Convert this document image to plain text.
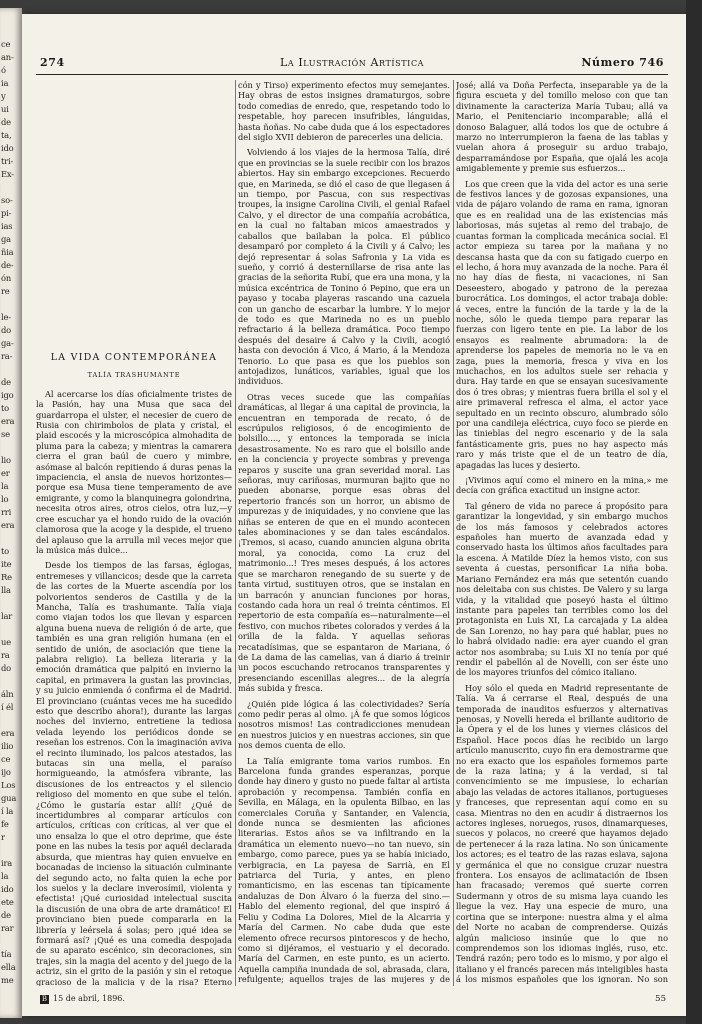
ce
an-
ó
ia
y
ui
de
ta,
ido
tri-
Ex-
so-
pi-
ias
ga
ñia
de-
ón
re
le-
do
ga-
ra-
de
igo
to
era
se
lio
er
la
lo
rri
era
to
ite
Re
lla
lar
ue
ra
do
áln
í él
era
ilio
ce
ijo
Los
gua
í la
fe
r
ira
la
ido
ete
de
rar
tía
ella
me
274	La Ilustración Artística	Número 746
LA VIDA CONTEMPORÁNEA
TALÍA TRASHUMANTE

Al acercarse los días oficialmente tristes de la Pasión, hay una Musa que saca del guardarropa el ulster, el necesier de cuero de Rusia con chirimbolos de plata y cristal, el plaid escocés y la microscópica almohadita de pluma para la cabeza; y mientras la camarera cierra el gran baúl de cuero y mimbre, asómase al balcón repitiendo á duras penas la impaciencia, el ansia de nuevos horizontes—porque esa Musa tiene temperamento de ave emigrante, y como la blanquinegra golondrina, necesita otros aires, otros cielos, otra luz,—y cree escuchar ya el hondo ruido de la ovación clamorosa que la acoge y la despide, el trueno del aplauso que la arrulla mil veces mejor que la música más dulce...

Desde los tiempos de las farsas, églogas, entremeses y villancicos; desde que la carreta de las cortes de la Muerte ascendía por los polvorientos senderos de Castilla y de la Mancha, Talía es trashumante. Talía viaja como viajan todos los que llevan y esparcen alguna buena nueva de religión ó de arte, que también es una gran religión humana (en el sentido de unión, de asociación que tiene la palabra religio). La belleza literaria y la emoción dramática que palpitó en invierno la capital, en primavera la gustan las provincias, y su juicio enmienda ó confirma el de Madrid. El provinciano (cuántas veces me ha sucedido esto que describo ahora!), durante las largas noches del invierno, entretiene la tediosa velada leyendo los periódicos donde se reseñan los estrenos. Con la imaginación aviva el recinto iluminado, los palcos atestados, las butacas sin una mella, el paraíso hormigueando, la atmósfera vibrante, las discusiones de los entreactos y el silencio religioso del momento en que sube el telón. ¿Cómo le gustaría estar allí! ¿Qué de incertidumbres al comparar artículos con artículos, críticas con críticas, al ver que el uno ensalza lo que el otro deprime, que éste pone en las nubes la tesis por aquél declarada absurda, que mientras hay quien envuelve en bocanadas de incienso la situación culminante del segundo acto, no falta quien la eche por los suelos y la declare inverosímil, violenta y efectista! ¡Qué curiosidad intelectual suscita la discusión de una obra de arte dramático! El provinciano bien puede compararla en la librería y leérsela á solas; pero ¡qué idea se formará así? ¡Qué es una comedia despojada de su aparato escénico, sin decoraciones, sin trajes, sin la magia del acento y del juego de la actriz, sin el grito de la pasión y sin el retoque gracioso de la malicia y de la risa? Eterno

cón y Tirso) experimento efectos muy semejantes. Hay obras de estos insignes dramaturgos, sobre todo comedias de enredo, que, respetando todo lo respetable, hoy parecen insufribles, lánguidas, hasta ñoñas. No cabe duda que á los espectadores del siglo XVII debieron de parecerles una delicia.

Volviendo á los viajes de la hermosa Talía, diré que en provincias se la suele recibir con los brazos abiertos. Hay sin embargo excepciones. Recuerdo que, en Marineda, se dió el caso de que llegasen á un tiempo, por Pascua, con sus respectivas troupes, la insigne Carolina Civili, el genial Rafael Calvo, y el director de una compañía acrobática, en la cual no faltaban micos amaestrados y caballos que bailaban la polca. El público desamparó por completo á la Civili y á Calvo; les dejó representar á solas Safronia y La vida es sueño, y corrió á desternillarse de risa ante las gracias de la señorita Rubí, que era una mona, y la música excéntrica de Tonino ó Pepino, que era un payaso y tocaba playeras rascando una cazuela con un gancho de escarbar la lumbre. Y lo mejor de todo es que Marineda no es un pueblo refractario á la belleza dramática. Poco tiempo después del desaire á Calvo y la Civili, acogió hasta con devoción á Vico, á Mario, á la Mendoza Tenorio. Lo que pasa es que los pueblos son antojadizos, lunáticos, variables, igual que los individuos.

Otras veces sucede que las compañías dramáticas, al llegar á una capital de provincia, la encuentran en temporada de recato, ó de escrúpulos religiosos, ó de encogimiento de bolsillo...., y entonces la temporada se inicia desastrosamente. No es raro que el bolsillo ande en la conciencia y proyecte sombras y prevenga reparos y suscite una gran severidad moral. Las señoras, muy cariñosas, murmuran bajito que no pueden abonarse, porque esas obras del repertorio francés son un horror, un abismo de impurezas y de iniquidades, y no conviene que las niñas se enteren de que en el mundo acontecen tales abominaciones y se dan tales escándalos. ¡Tremos, si acaso, cuando anuncien alguna obrita moral, ya conocida, como La cruz del matrimonio...! Tres meses después, á los actores que se marcharon renegando de su suerte y de tanta virtud, sustituyen otros, que se instalan en un barracón y anuncian funciones por horas, costando cada hora un real ó treinta céntimos. El repertorio de esta compañía es—naturalmente—el festivo, con muchos ribetes colorados y verdes á la orilla de la falda. Y aquellas señoras recatadísimas, que se espantaron de Mariana, ó de La dama de las camelias, van á diario á treinir un pocos escuchando retrocanos transparentes y presenciando escenillas alegres... de la alegría más subida y fresca.

¿Quién pide lógica á las colectividades? Sería como pedir peras al olmo. ¡Á fe que somos lógicos nosotros mismos! Las contradicciones menudean en nuestros juicios y en nuestras acciones, sin que nos demos cuenta de ello.

La Talía emigrante toma varios rumbos. En Barcelona funda grandes esperanzas, porque donde hay dinero y gusto no puede faltar al artista aprobación y recompensa. También confía en Sevilla, en Málaga, en la opulenta Bilbao, en las comerciales Coruña y Santander, en Valencia, donde nunca se desmienten las aficiones literarias. Estos años se va infiltrando en la dramática un elemento nuevo—no tan nuevo, sin embargo, como parece, pues ya se había iniciado, verbigracia, en La payesa de Sarrià, en El patriarca del Turia, y antes, en pleno romanticismo, en las escenas tan típicamente andaluzas de Don Álvaro ó la fuerza del sino.—Hablo del elemento regional, del que inspiró á Feliu y Codina La Dolores, Miel de la Alcarria y María del Carmen. No cabe duda que este elemento ofrece recursos pintorescos y de hecho, como si dijéramos, el vestuario y el decorado. María del Carmen, en este punto, es un acierto. Aquella campiña inundada de sol, abrasada, clara, refulgente; aquellos trajes de las mujeres y de

José; allá va Doña Perfecta, inseparable ya de la figura escueta y del tomillo meloso con que tan divinamente la caracteriza María Tubau; allá va Mario, el Penitenciario incomparable; allá el donoso Balaguer, allá todos los que de octubre á marzo no interrumpieron la faena de las tablas y vuelan ahora á proseguir su arduo trabajo, desparramándose por España, que ojalá les acoja amigablemente y premie sus esfuerzos...

Los que creen que la vida del actor es una serie de festivos lances y de gozosas expansiones, una vida de pájaro volando de rama en rama, ignoran que es en realidad una de las existencias más laboriosas, más sujetas al remo del trabajo, de cuantas forman la complicada mecánica social. El actor empieza su tarea por la mañana y no descansa hasta que da con su fatigado cuerpo en el lecho, á hora muy avanzada de la noche. Para él no hay días de fiesta, ni vacaciones, ni San Deseestero, abogado y patrono de la perezaa burocrática. Los domingos, el actor trabaja doble: á veces, entre la función de la tarde y la de la noche, sólo le queda tiempo para reparar las fuerzas con ligero tente en pie. La labor de los ensayos es realmente abrumadora: la de aprenderse los papeles de memoria no le va en zaga, pues la memoria, fresca y viva en los muchachos, en los adultos suele ser rehacia y dura. Hay tarde en que se ensayan sucesivamente dos ó tres obras; y mientras fuera brilla el sol y el aire primaveral refresca el alma, el actor yace sepultado en un recinto obscuro, alumbrado sólo por una candileja eléctrica, cuyo foco se pierde en las tinieblas del negro escenario y de la sala fantásticamente gris, pues no hay aspecto más raro y más triste que el de un teatro de día, apagadas las luces y desierto.

¡Vivimos aquí como el minero en la mina,» me decía con gráfica exactitud un insigne actor.

Tal género de vida no parece á propósito para garantizar la longevidad, y sin embargo muchos de los más famosos y celebrados actores españoles han muerto de avanzada edad y conservado hasta los últimos años facultades para la escena. Á Matilde Díez la hemos visto, con sus seventa á cuestas, personificar La niña boba. Mariano Fernández era más que setentón cuando nos deleitaba con sus chistes. De Valero y su larga vida, y la vitalidad que poseyó hasta el último instante para papeles tan terribles como los del protagonista en Luis XI, La carcajada y La aldea de San Lorenzo, no hay para qué hablar, pues no lo habrá olvidado nadie: era ayer cuando el gran actor nos asombraba; su Luis XI no tenía por qué rendir el pabellón al de Novelli, con ser éste uno de los mayores triunfos del cómico italiano.

Hoy sólo el queda en Madrid representante de Talía. Va á cerrarse el Real, después de una temporada de inauditos esfuerzos y alternativas penosas, y Novelli hereda el brillante auditorio de la Ópera y el de los lunes y viernes clásicos del Español. Hace pocos días he recibido un largo artículo manuscrito, cuyo fin era demostrarme que no era exacto que los españoles formemos parte de la raza latina; y á la verdad, si tal convencimiento se me impusiese, lo echarían abajo las veladas de actores italianos, portugueses y franceses, que representan aquí como en su casa. Mientras no den en acudir á distraernos los actores ingleses, noruegos, rusos, dinamarqueses, suecos y polacos, no creeré que hayamos dejado de pertenecer á la raza latina. No son únicamente los actores; es el teatro de las razas eslava, sajona y germánica el que no consigue cruzar nuestra frontera. Los ensayos de aclimatación de Ibsen han fracasado; veremos qué suerte corren Sudermann y otros de su misma laya cuando les llegue la vez. Hay una especie de muro, una cortina que se interpone: nuestra alma y el alma del Norte no acaban de comprenderse. Quizás algún malicioso insinúe que lo que no comprendemos son los idiomas inglés, ruso, etc. Tendrá razón; pero todo es lo mismo, y por algo el italiano y el francés parecen más inteligibles hasta á los mismos españoles que los ignoran. No son

B 15 de abril, 1896.	55
